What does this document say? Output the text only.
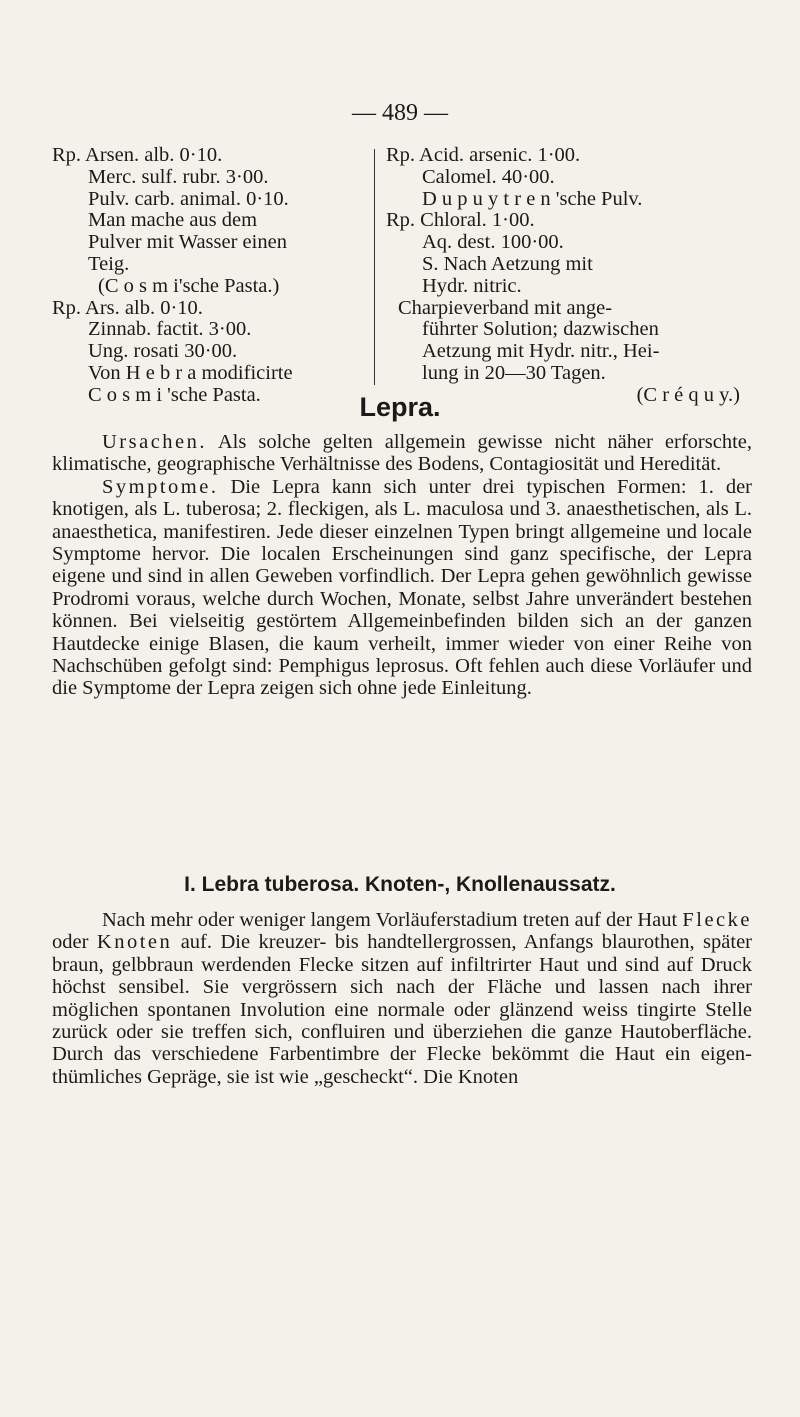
— 489 —
Rp. Arsen. alb. 0·10.
Merc. sulf. rubr. 3·00.
Pulv. carb. animal. 0·10.
Man mache aus dem
Pulver mit Wasser einen
Teig.
(C o s m i'sche Pasta.)
Rp. Ars. alb. 0·10.
Zinnab. factit. 3·00.
Ung. rosati 30·00.
Von H e b r a modificirte
C o s m i 'sche Pasta.
Rp. Acid. arsenic. 1·00.
Calomel. 40·00.
D u p u y t r e n 'sche Pulv.
Rp. Chloral. 1·00.
Aq. dest. 100·00.
S. Nach Aetzung mit
Hydr. nitric.
Charpieverband mit ange-
führter Solution; dazwischen
Aetzung mit Hydr. nitr., Hei-
lung in 20—30 Tagen.
(C r é q u y.)
Lepra.

Ursachen. Als solche gelten allgemein gewisse nicht näher erforschte, klimatische, geographische Verhältnisse des Bodens, Contagiosität und Heredität.

Symptome. Die Lepra kann sich unter drei typischen Formen: 1. der knotigen, als L. tuberosa; 2. fleckigen, als L. maculosa und 3. anaesthetischen, als L. anaesthetica, manifestiren. Jede dieser einzelnen Typen bringt allgemeine und locale Symptome hervor. Die localen Erscheinungen sind ganz specifische, der Lepra eigene und sind in allen Geweben vorfindlich. Der Lepra gehen gewöhnlich gewisse Prodromi voraus, welche durch Wochen, Monate, selbst Jahre unverändert bestehen können. Bei vielseitig gestörtem Allgemeinbefinden bilden sich an der ganzen Hautdecke einige Blasen, die kaum verheilt, immer wieder von einer Reihe von Nachschüben gefolgt sind: Pemphigus leprosus. Oft fehlen auch diese Vorläufer und die Symptome der Lepra zeigen sich ohne jede Einleitung.

I. Lebra tuberosa. Knoten-, Knollenaussatz.

Nach mehr oder weniger langem Vorläuferstadium treten auf der Haut Flecke oder Knoten auf. Die kreuzer- bis handtellergrossen, Anfangs blaurothen, später braun, gelbbraun werdenden Flecke sitzen auf infiltrirter Haut und sind auf Druck höchst sensibel. Sie vergrössern sich nach der Fläche und lassen nach ihrer möglichen spontanen Involution eine normale oder glänzend weiss tingirte Stelle zurück oder sie treffen sich, confluiren und überziehen die ganze Hautoberfläche. Durch das verschiedene Farbentimbre der Flecke bekömmt die Haut ein eigenthümliches Gepräge, sie ist wie „gescheckt“. Die Knoten
